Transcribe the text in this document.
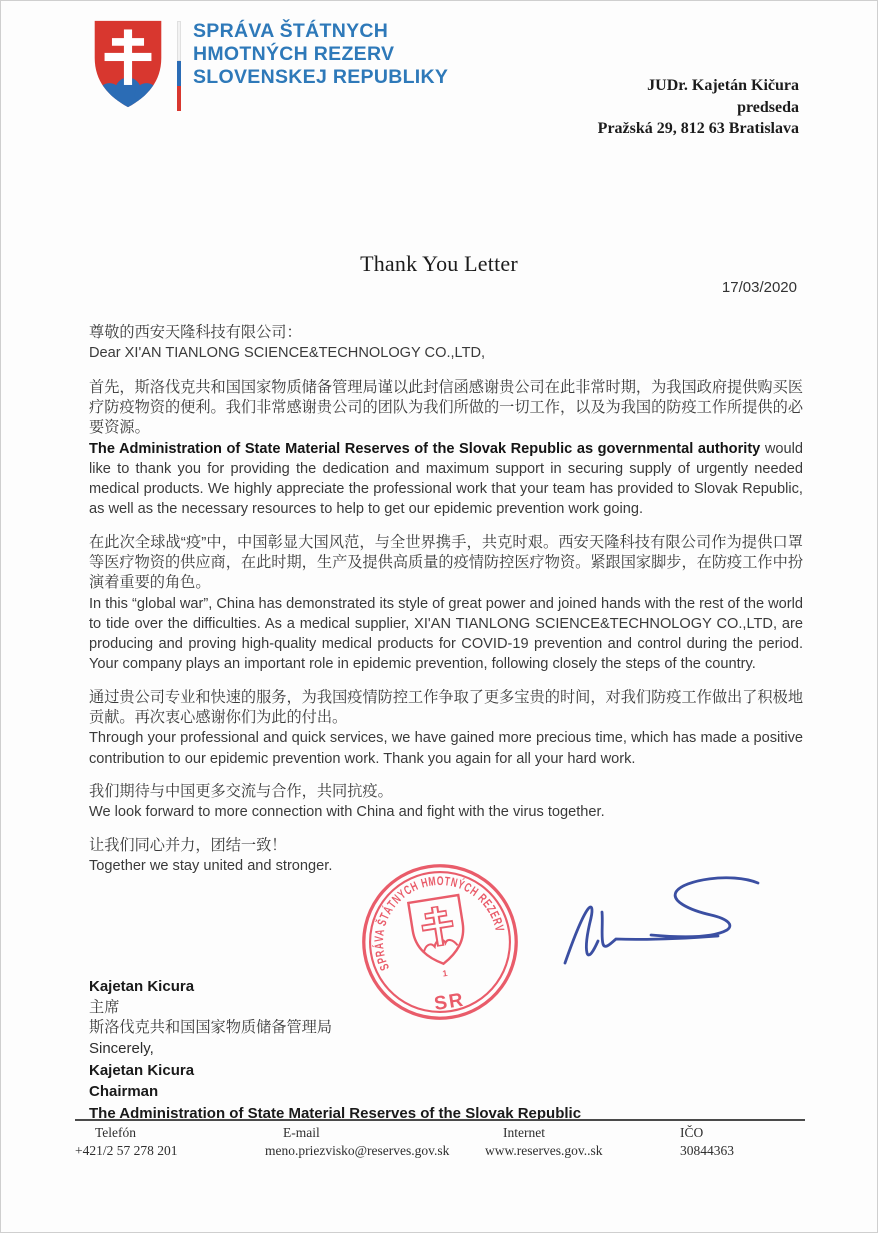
SPRÁVA ŠTÁTNYCH
HMOTNÝCH REZERV
SLOVENSKEJ REPUBLIKY	JUDr. Kajetán Kičura
predseda
Pražská 29, 812 63 Bratislava
Thank You Letter
17/03/2020
尊敬的西安天隆科技有限公司：
Dear XI'AN TIANLONG SCIENCE&TECHNOLOGY CO.,LTD,

首先，斯洛伐克共和国国家物质储备管理局谨以此封信函感谢贵公司在此非常时期，为我国政府提供购买医疗防疫物资的便利。我们非常感谢贵公司的团队为我们所做的一切工作，以及为我国的防疫工作所提供的必要资源。

The Administration of State Material Reserves of the Slovak Republic as governmental authority would like to thank you for providing the dedication and maximum support in securing supply of urgently needed medical products. We highly appreciate the professional work that your team has provided to Slovak Republic, as well as the necessary resources to help to get our epidemic prevention work going.

在此次全球战“疫”中，中国彰显大国风范，与全世界携手，共克时艰。西安天隆科技有限公司作为提供口罩等医疗物资的供应商，在此时期，生产及提供高质量的疫情防控医疗物资。紧跟国家脚步，在防疫工作中扮演着重要的角色。

In this “global war”, China has demonstrated its style of great power and joined hands with the rest of the world to tide over the difficulties. As a medical supplier, XI'AN TIANLONG SCIENCE&TECHNOLOGY CO.,LTD, are producing and proving high-quality medical products for COVID-19 prevention and control during the period. Your company plays an important role in epidemic prevention, following closely the steps of the country.

通过贵公司专业和快速的服务，为我国疫情防控工作争取了更多宝贵的时间，对我们防疫工作做出了积极地贡献。再次衷心感谢你们为此的付出。

Through your professional and quick services, we have gained more precious time, which has made a positive contribution to our epidemic prevention work. Thank you again for all your hard work.

我们期待与中国更多交流与合作，共同抗疫。

We look forward to more connection with China and fight with the virus together.

让我们同心并力，团结一致！

Together we stay united and stronger.

SPRÁVA ŠTÁTNYCH HMOTNÝCH REZERV
1
SR
Kajetan Kicura
主席
斯洛伐克共和国国家物质储备管理局
Sincerely,
Kajetan Kicura
Chairman
The Administration of State Material Reserves of the Slovak Republic
Telefón
+421/2 57 278 201
E-mail
meno.priezvisko@reserves.gov.sk
Internet
www.reserves.gov..sk
IČO
30844363
